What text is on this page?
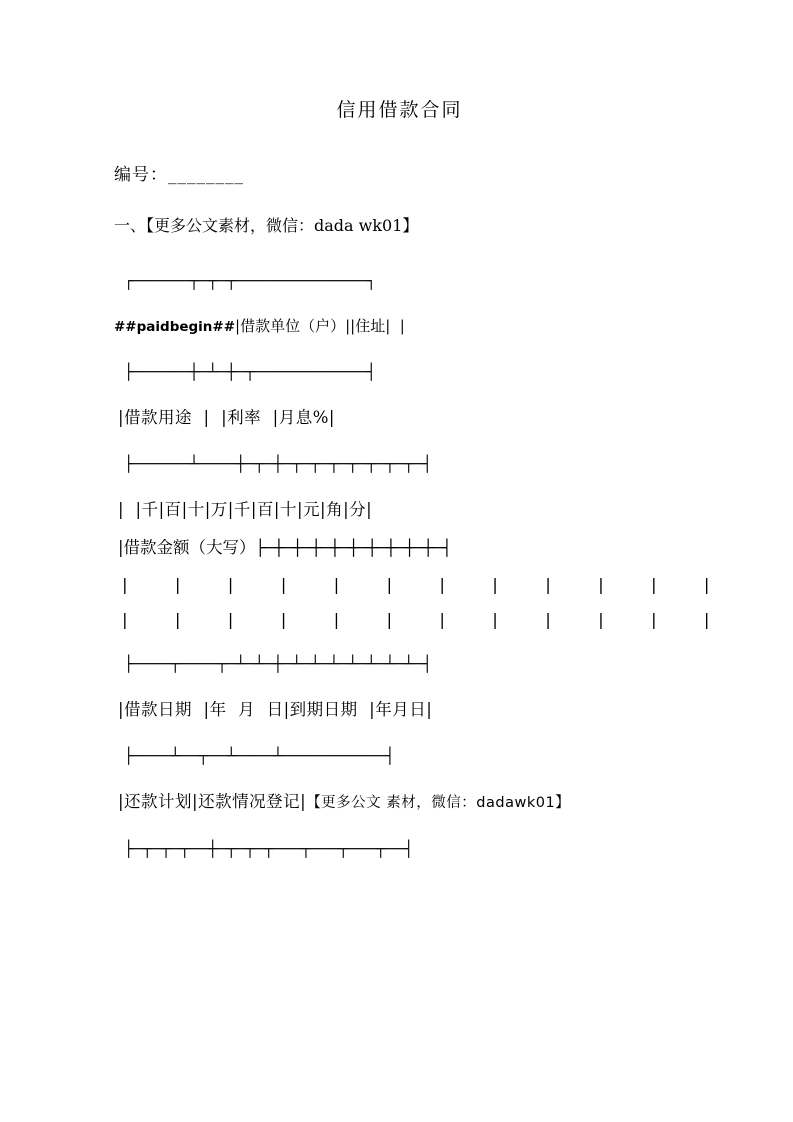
信用借款合同
编号：________
一、【更多公文素材，微信：dada wk01】
┌──────┬─┬─┬──────────────┐
##paidbegin##|借款单位（户）||住址|  |
├──────┼─┴─┼─┬────────────┤
|借款用途  |  |利率  |月息%|
├──────┴────┼─┬─┼─┬─┬─┬─┬─┬─┬─┬─┤
|  |千|百|十|万|千|百|十|元|角|分|
|借款金额（大写）├─┼─┼─┼─┼─┼─┼─┼─┼─┼─┤
|  |  |  |  |  |  |  |  |  |  |  |
|  |  |  |  |  |  |  |  |  |  |  |
├────┬────┬─┴─┴─┼─┴─┴─┴─┴─┴─┴─┴─┤
|借款日期  |年  月  日|到期日期  |年月日|
├────┴──┬──┴────┴───────────┤
|还款计划|还款情况登记|【更多公文 素材，微信：dadawk01】
├─┬─┬─┬──┼─┬─┬─┬───┬───┬───┬──┤
